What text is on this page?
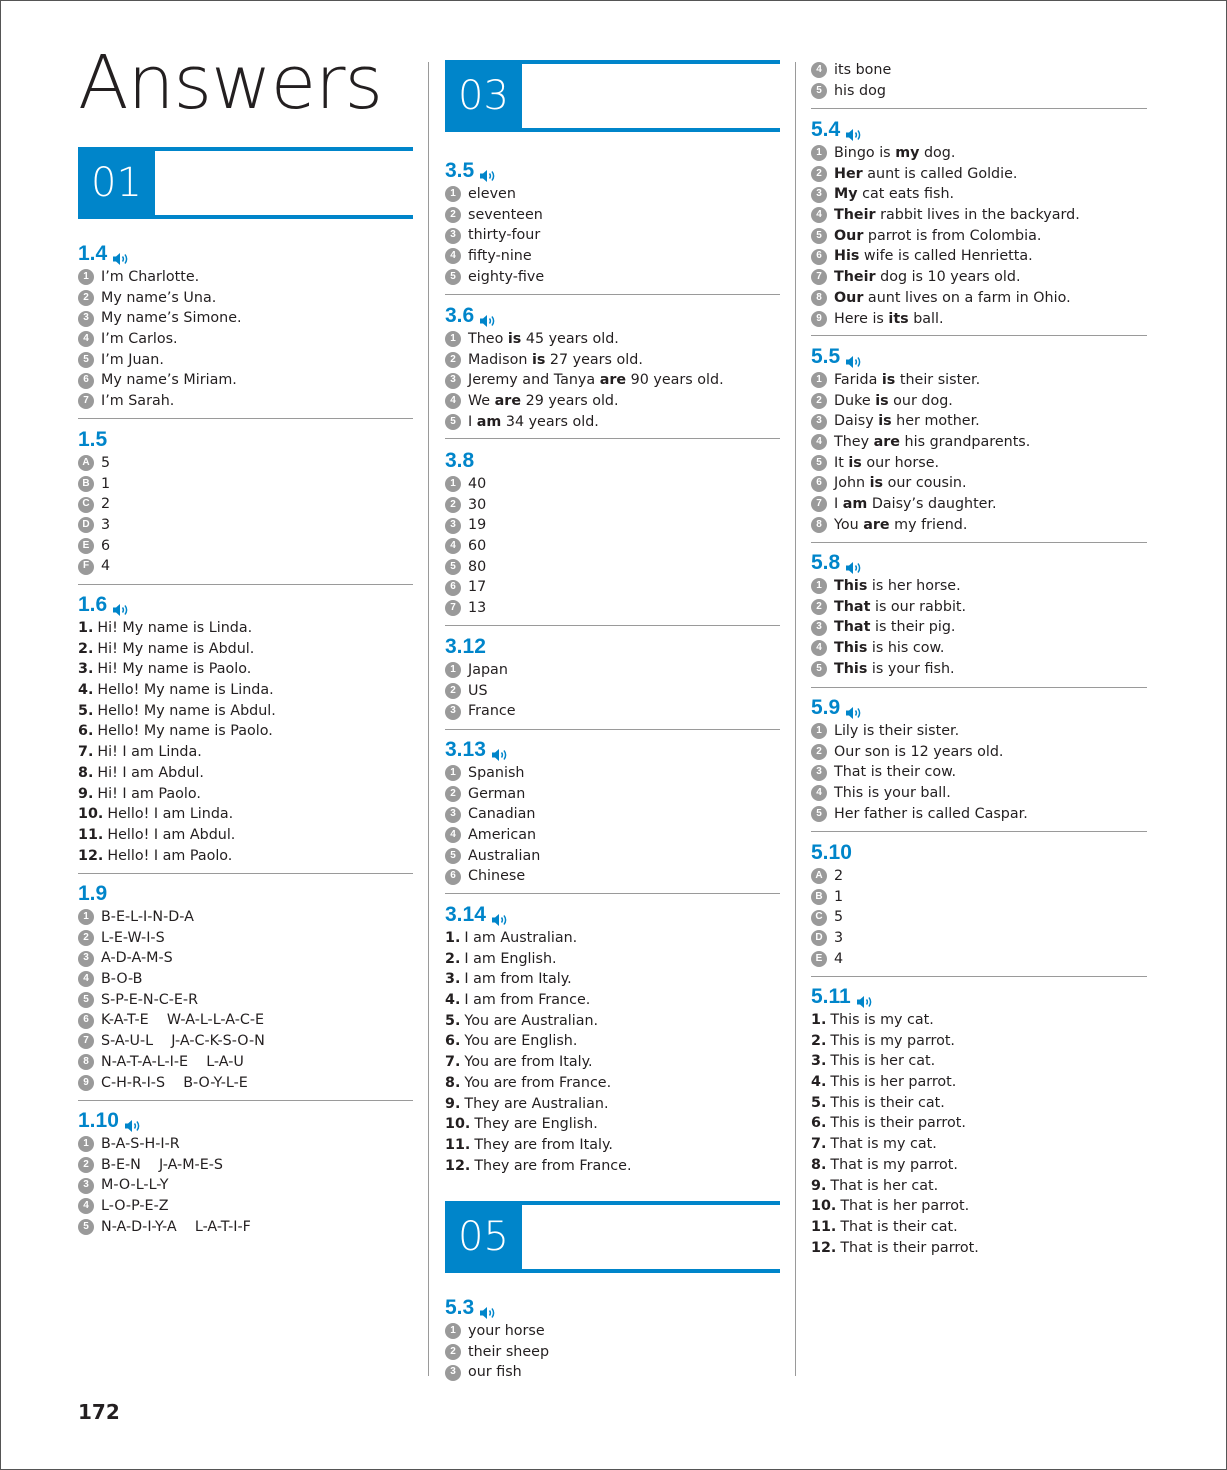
Answers
01
1.4
1 I’m Charlotte.
2 My name’s Una.
3 My name’s Simone.
4 I’m Carlos.
5 I’m Juan.
6 My name’s Miriam.
7 I’m Sarah.
1.5
A 5
B 1
C 2
D 3
E 6
F 4
1.6
1. Hi! My name is Linda.
2. Hi! My name is Abdul.
3. Hi! My name is Paolo.
4. Hello! My name is Linda.
5. Hello! My name is Abdul.
6. Hello! My name is Paolo.
7. Hi! I am Linda.
8. Hi! I am Abdul.
9. Hi! I am Paolo.
10. Hello! I am Linda.
11. Hello! I am Abdul.
12. Hello! I am Paolo.
1.9
1 B-E-L-I-N-D-A
2 L-E-W-I-S
3 A-D-A-M-S
4 B-O-B
5 S-P-E-N-C-E-R
6 K-A-T-E    W-A-L-L-A-C-E
7 S-A-U-L    J-A-C-K-S-O-N
8 N-A-T-A-L-I-E    L-A-U
9 C-H-R-I-S    B-O-Y-L-E
1.10
1 B-A-S-H-I-R
2 B-E-N    J-A-M-E-S
3 M-O-L-L-Y
4 L-O-P-E-Z
5 N-A-D-I-Y-A    L-A-T-I-F
03
3.5
1 eleven
2 seventeen
3 thirty-four
4 fifty-nine
5 eighty-five
3.6
1 Theo is 45 years old.
2 Madison is 27 years old.
3 Jeremy and Tanya are 90 years old.
4 We are 29 years old.
5 I am 34 years old.
3.8
1 40
2 30
3 19
4 60
5 80
6 17
7 13
3.12
1 Japan
2 US
3 France
3.13
1 Spanish
2 German
3 Canadian
4 American
5 Australian
6 Chinese
3.14
1. I am Australian.
2. I am English.
3. I am from Italy.
4. I am from France.
5. You are Australian.
6. You are English.
7. You are from Italy.
8. You are from France.
9. They are Australian.
10. They are English.
11. They are from Italy.
12. They are from France.
05
5.3
1 your horse
2 their sheep
3 our fish
4 its bone
5 his dog
5.4
1 Bingo is my dog.
2 Her aunt is called Goldie.
3 My cat eats fish.
4 Their rabbit lives in the backyard.
5 Our parrot is from Colombia.
6 His wife is called Henrietta.
7 Their dog is 10 years old.
8 Our aunt lives on a farm in Ohio.
9 Here is its ball.
5.5
1 Farida is their sister.
2 Duke is our dog.
3 Daisy is her mother.
4 They are his grandparents.
5 It is our horse.
6 John is our cousin.
7 I am Daisy’s daughter.
8 You are my friend.
5.8
1 This is her horse.
2 That is our rabbit.
3 That is their pig.
4 This is his cow.
5 This is your fish.
5.9
1 Lily is their sister.
2 Our son is 12 years old.
3 That is their cow.
4 This is your ball.
5 Her father is called Caspar.
5.10
A 2
B 1
C 5
D 3
E 4
5.11
1. This is my cat.
2. This is my parrot.
3. This is her cat.
4. This is her parrot.
5. This is their cat.
6. This is their parrot.
7. That is my cat.
8. That is my parrot.
9. That is her cat.
10. That is her parrot.
11. That is their cat.
12. That is their parrot.
172
